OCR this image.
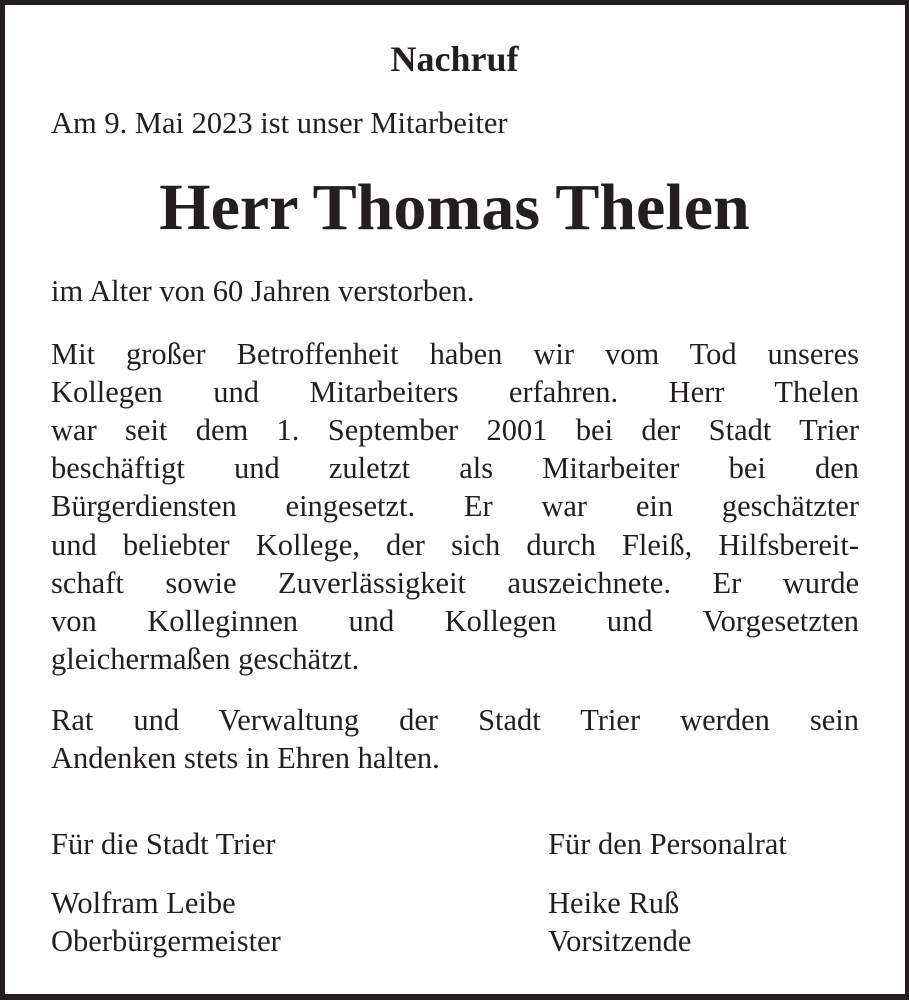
Nachruf
Am 9. Mai 2023 ist unser Mitarbeiter
Herr Thomas Thelen
im Alter von 60 Jahren verstorben.
Mit großer Betroffenheit haben wir vom Tod unseres
Kollegen und Mitarbeiters erfahren. Herr Thelen
war seit dem 1. September 2001 bei der Stadt Trier
beschäftigt und zuletzt als Mitarbeiter bei den
Bürgerdiensten eingesetzt. Er war ein geschätzter
und beliebter Kollege, der sich durch Fleiß, Hilfsbereit-
schaft sowie Zuverlässigkeit auszeichnete. Er wurde
von Kolleginnen und Kollegen und Vorgesetzten
gleichermaßen geschätzt.
Rat und Verwaltung der Stadt Trier werden sein
Andenken stets in Ehren halten.
Für die Stadt Trier
Wolfram Leibe
Oberbürgermeister
Für den Personalrat
Heike Ruß
Vorsitzende
